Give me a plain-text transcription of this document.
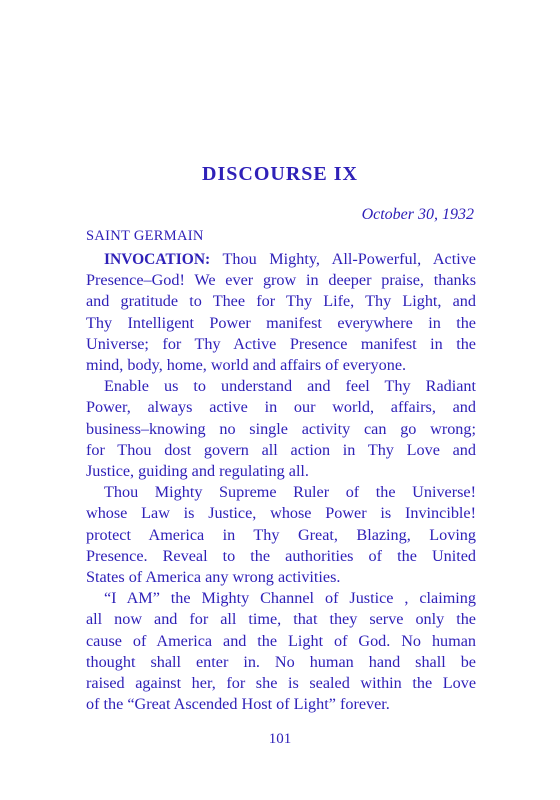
DISCOURSE IX
October 30, 1932
SAINT GERMAIN
INVOCATION: Thou Mighty, All-Powerful, Active
Presence–God! We ever grow in deeper praise, thanks
and gratitude to Thee for Thy Life, Thy Light, and
Thy Intelligent Power manifest everywhere in the
Universe; for Thy Active Presence manifest in the
mind, body, home, world and affairs of everyone.
Enable us to understand and feel Thy Radiant
Power, always active in our world, affairs, and
business–knowing no single activity can go wrong;
for Thou dost govern all action in Thy Love and
Justice, guiding and regulating all.
Thou Mighty Supreme Ruler of the Universe!
whose Law is Justice, whose Power is Invincible!
protect America in Thy Great, Blazing, Loving
Presence. Reveal to the authorities of the United
States of America any wrong activities.
“I AM” the Mighty Channel of Justice , claiming
all now and for all time, that they serve only the
cause of America and the Light of God. No human
thought shall enter in. No human hand shall be
raised against her, for she is sealed within the Love
of the “Great Ascended Host of Light” forever.
101
